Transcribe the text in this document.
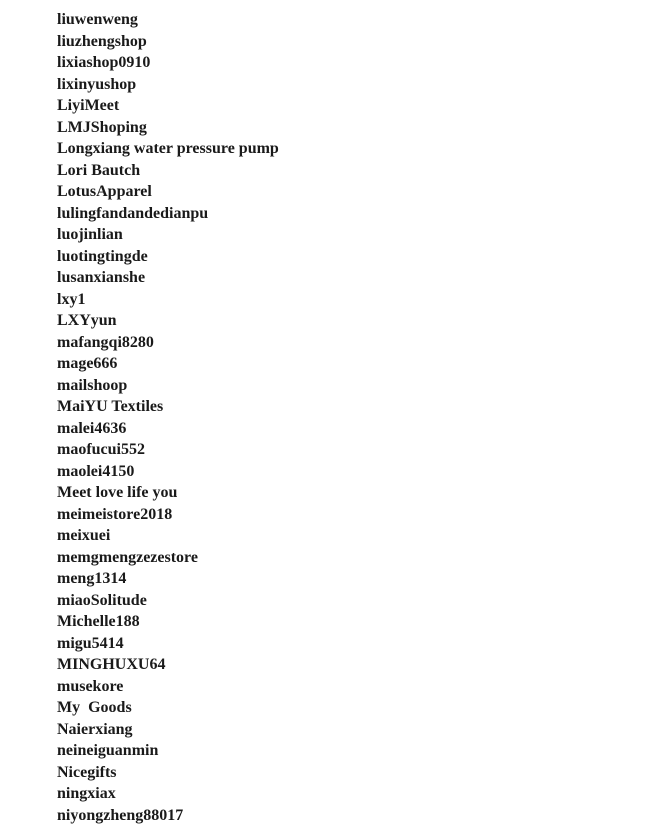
liuwenweng
liuzhengshop
lixiashop0910
lixinyushop
LiyiMeet
LMJShoping
Longxiang water pressure pump
Lori Bautch
LotusApparel
lulingfandandedianpu
luojinlian
luotingtingde
lusanxianshe
lxy1
LXYyun
mafangqi8280
mage666
mailshoop
MaiYU Textiles
malei4636
maofucui552
maolei4150
Meet love life you
meimeistore2018
meixuei
memgmengzezestore
meng1314
miaoSolitude
Michelle188
migu5414
MINGHUXU64
musekore
My  Goods
Naierxiang
neineiguanmin
Nicegifts
ningxiax
niyongzheng88017
